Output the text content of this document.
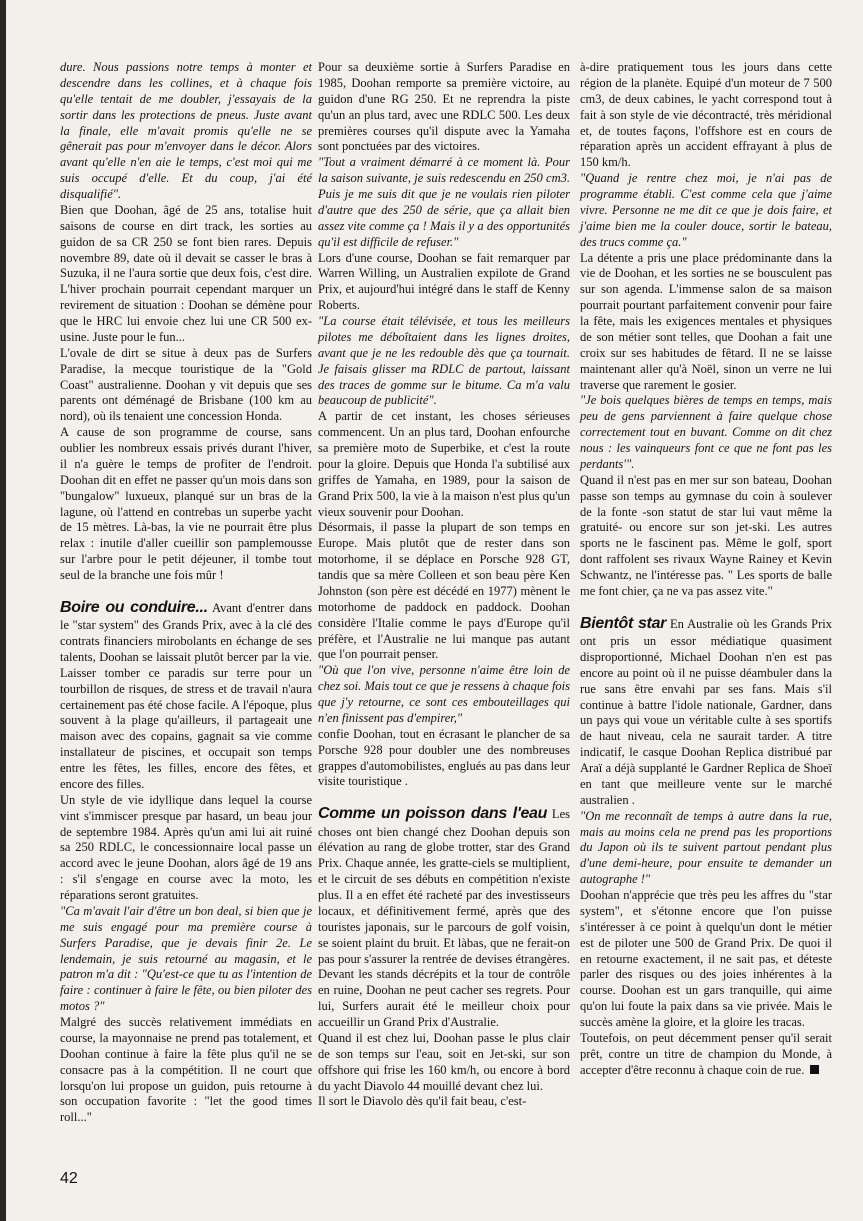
dure. Nous passions notre temps à monter et descendre dans les collines, et à chaque fois qu'elle tentait de me doubler, j'essayais de la sortir dans les protections de pneus. Juste avant la finale, elle m'avait promis qu'elle ne se gênerait pas pour m'envoyer dans le décor. Alors avant qu'elle n'en aie le temps, c'est moi qui me suis occupé d'elle. Et du coup, j'ai été disqualifié".

Bien que Doohan, âgé de 25 ans, totalise huit saisons de course en dirt track, les sorties au guidon de sa CR 250 se font bien rares. Depuis novembre 89, date où il devait se casser le bras à Suzuka, il ne l'aura sortie que deux fois, c'est dire. L'hiver prochain pourrait cependant marquer un revirement de situation : Doohan se démène pour que le HRC lui envoie chez lui une CR 500 ex-usine. Juste pour le fun...

L'ovale de dirt se situe à deux pas de Surfers Paradise, la mecque touristique de la "Gold Coast" australienne. Doohan y vit depuis que ses parents ont déménagé de Brisbane (100 km au nord), où ils tenaient une concession Honda.

A cause de son programme de course, sans oublier les nombreux essais privés durant l'hiver, il n'a guère le temps de profiter de l'endroit. Doohan dit en effet ne passer qu'un mois dans son "bungalow" luxueux, planqué sur un bras de la lagune, où l'attend en contrebas un superbe yacht de 15 mètres. Là-bas, la vie ne pourrait être plus relax : inutile d'aller cueillir son pamplemousse sur l'arbre pour le petit déjeuner, il tombe tout seul de la branche une fois mûr !

Boire ou conduire... Avant d'entrer dans le "star system" des Grands Prix, avec à la clé des contrats financiers mirobolants en échange de ses talents, Doohan se laissait plutôt bercer par la vie. Laisser tomber ce paradis sur terre pour un tourbillon de risques, de stress et de travail n'aura certainement pas été chose facile. A l'époque, plus souvent à la plage qu'ailleurs, il partageait une maison avec des copains, gagnait sa vie comme installateur de piscines, et occupait son temps entre les fêtes, les filles, encore des fêtes, et encore des filles.

Un style de vie idyllique dans lequel la course vint s'immiscer presque par hasard, un beau jour de septembre 1984. Après qu'un ami lui ait ruiné sa 250 RDLC, le concessionnaire local passe un accord avec le jeune Doohan, alors âgé de 19 ans : s'il s'engage en course avec la moto, les réparations seront gratuites.

"Ca m'avait l'air d'être un bon deal, si bien que je me suis engagé pour ma première course à Surfers Paradise, que je devais finir 2e. Le lendemain, je suis retourné au magasin, et le patron m'a dit : "Qu'est-ce que tu as l'intention de faire : continuer à faire le fête, ou bien piloter des motos ?"

Malgré des succès relativement immédiats en course, la mayonnaise ne prend pas totalement, et Doohan continue à faire la fête plus qu'il ne se consacre pas à la compétition. Il ne court que lorsqu'on lui propose un guidon, puis retourne à son occupation favorite : "let the good times roll..."

Pour sa deuxième sortie à Surfers Paradise en 1985, Doohan remporte sa première victoire, au guidon d'une RG 250. Et ne reprendra la piste qu'un an plus tard, avec une RDLC 500. Les deux premières courses qu'il dispute avec la Yamaha sont ponctuées par des victoires.

"Tout a vraiment démarré à ce moment là. Pour la saison suivante, je suis redescendu en 250 cm3. Puis je me suis dit que je ne voulais rien piloter d'autre que des 250 de série, que ça allait bien assez vite comme ça ! Mais il y a des opportunités qu'il est difficile de refuser."

Lors d'une course, Doohan se fait remarquer par Warren Willing, un Australien expilote de Grand Prix, et aujourd'hui intégré dans le staff de Kenny Roberts.

"La course était télévisée, et tous les meilleurs pilotes me déboîtaient dans les lignes droites, avant que je ne les redouble dès que ça tournait. Je faisais glisser ma RDLC de partout, laissant des traces de gomme sur le bitume. Ca m'a valu beaucoup de publicité".

A partir de cet instant, les choses sérieuses commencent. Un an plus tard, Doohan enfourche sa première moto de Superbike, et c'est la route pour la gloire. Depuis que Honda l'a subtilisé aux griffes de Yamaha, en 1989, pour la saison de Grand Prix 500, la vie à la maison n'est plus qu'un vieux souvenir pour Doohan.

Désormais, il passe la plupart de son temps en Europe. Mais plutôt que de rester dans son motorhome, il se déplace en Porsche 928 GT, tandis que sa mère Colleen et son beau père Ken Johnston (son père est décédé en 1977) mènent le motorhome de paddock en paddock. Doohan considère l'Italie comme le pays d'Europe qu'il préfère, et l'Australie ne lui manque pas autant que l'on pourrait penser.

"Où que l'on vive, personne n'aime être loin de chez soi. Mais tout ce que je ressens à chaque fois que j'y retourne, ce sont ces embouteillages qui n'en finissent pas d'empirer,"

confie Doohan, tout en écrasant le plancher de sa Porsche 928 pour doubler une des nombreuses grappes d'automobilistes, englués au pas dans leur visite touristique .

Comme un poisson dans l'eau Les choses ont bien changé chez Doohan depuis son élévation au rang de globe trotter, star des Grand Prix. Chaque année, les gratte-ciels se multiplient, et le circuit de ses débuts en compétition n'existe plus. Il a en effet été racheté par des investisseurs locaux, et définitivement fermé, après que des touristes japonais, sur le parcours de golf voisin, se soient plaint du bruit. Et làbas, que ne ferait-on pas pour s'assurer la rentrée de devises étrangères. Devant les stands décrépits et la tour de contrôle en ruine, Doohan ne peut cacher ses regrets. Pour lui, Surfers aurait été le meilleur choix pour accueillir un Grand Prix d'Australie.

Quand il est chez lui, Doohan passe le plus clair de son temps sur l'eau, soit en Jet-ski, sur son offshore qui frise les 160 km/h, ou encore à bord du yacht Diavolo 44 mouillé devant chez lui.

Il sort le Diavolo dès qu'il fait beau, c'est-

à-dire pratiquement tous les jours dans cette région de la planète. Equipé d'un moteur de 7 500 cm3, de deux cabines, le yacht correspond tout à fait à son style de vie décontracté, très méridional et, de toutes façons, l'offshore est en cours de réparation après un accident effrayant à plus de 150 km/h.

"Quand je rentre chez moi, je n'ai pas de programme établi. C'est comme cela que j'aime vivre. Personne ne me dit ce que je dois faire, et j'aime bien me la couler douce, sortir le bateau, des trucs comme ça."

La détente a pris une place prédominante dans la vie de Doohan, et les sorties ne se bousculent pas sur son agenda. L'immense salon de sa maison pourrait pourtant parfaitement convenir pour faire la fête, mais les exigences mentales et physiques de son métier sont telles, que Doohan a fait une croix sur ses habitudes de fêtard. Il ne se laisse maintenant aller qu'à Noël, sinon un verre ne lui traverse que rarement le gosier.

"Je bois quelques bières de temps en temps, mais peu de gens parviennent à faire quelque chose correctement tout en buvant. Comme on dit chez nous : les vainqueurs font ce que ne font pas les perdants'".

Quand il n'est pas en mer sur son bateau, Doohan passe son temps au gymnase du coin à soulever de la fonte -son statut de star lui vaut même la gratuité- ou encore sur son jet-ski. Les autres sports ne le fascinent pas. Même le golf, sport dont raffolent ses rivaux Wayne Rainey et Kevin Schwantz, ne l'intéresse pas. " Les sports de balle me font chier, ça ne va pas assez vite."

Bientôt star En Australie où les Grands Prix ont pris un essor médiatique quasiment disproportionné, Michael Doohan n'en est pas encore au point où il ne puisse déambuler dans la rue sans être envahi par ses fans. Mais s'il continue à battre l'idole nationale, Gardner, dans un pays qui voue un véritable culte à ses sportifs de haut niveau, cela ne saurait tarder. A titre indicatif, le casque Doohan Replica distribué par Araï a déjà supplanté le Gardner Replica de Shoeï en tant que meilleure vente sur le marché australien .

"On me reconnaît de temps à autre dans la rue, mais au moins cela ne prend pas les proportions du Japon où ils te suivent partout pendant plus d'une demi-heure, pour ensuite te demander un autographe !"

Doohan n'apprécie que très peu les affres du "star system", et s'étonne encore que l'on puisse s'intéresser à ce point à quelqu'un dont le métier est de piloter une 500 de Grand Prix. De quoi il en retourne exactement, il ne sait pas, et déteste parler des risques ou des joies inhérentes à la course. Doohan est un gars tranquille, qui aime qu'on lui foute la paix dans sa vie privée. Mais le succès amène la gloire, et la gloire les tracas.

Toutefois, on peut décemment penser qu'il serait prêt, contre un titre de champion du Monde, à accepter d'être reconnu à chaque coin de rue.

42
